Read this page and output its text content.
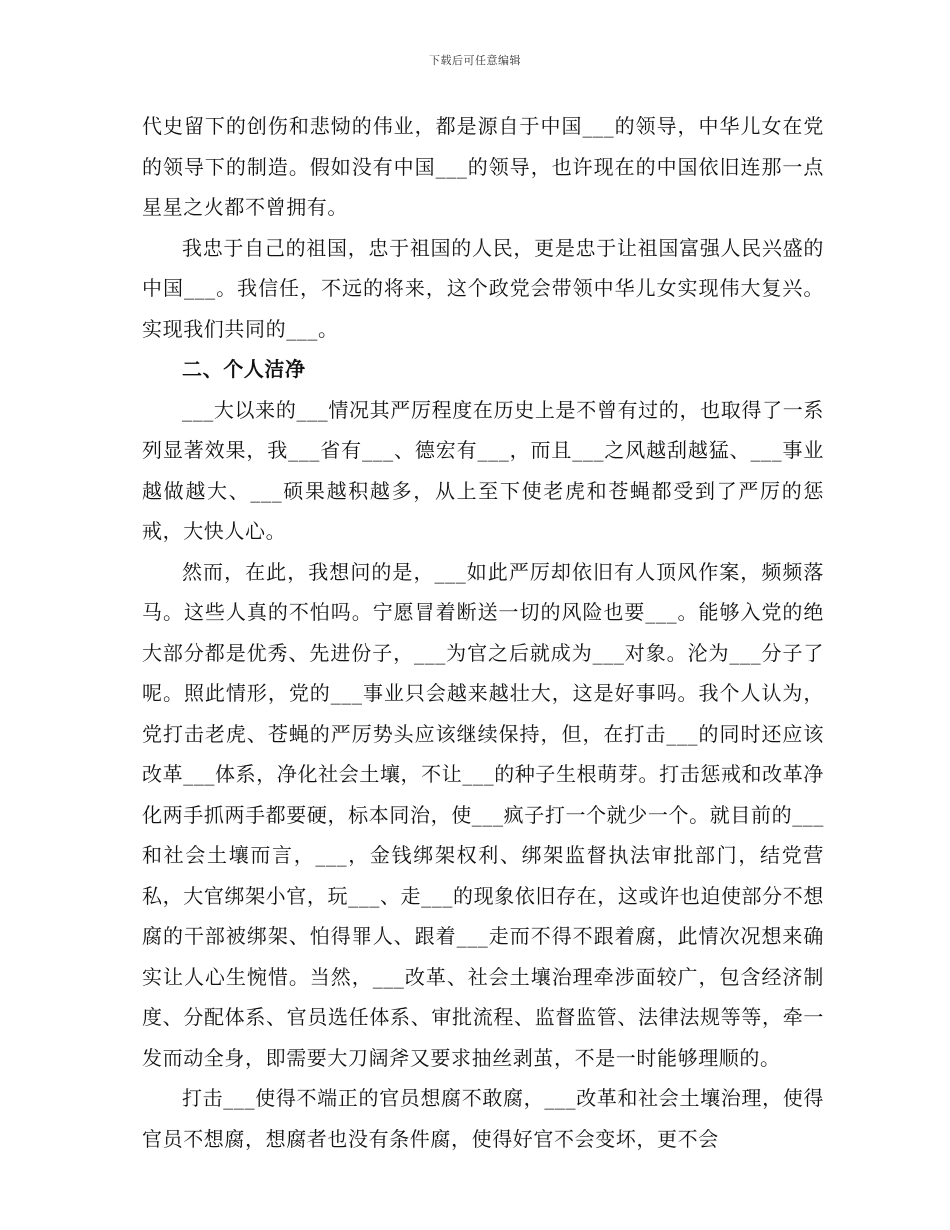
下载后可任意编辑

代史留下的创伤和悲恸的伟业，都是源自于中国___的领导，中华儿女在党的领导下的制造。假如没有中国___的领导，也许现在的中国依旧连那一点星星之火都不曾拥有。

我忠于自己的祖国，忠于祖国的人民，更是忠于让祖国富强人民兴盛的中国___。我信任，不远的将来，这个政党会带领中华儿女实现伟大复兴。实现我们共同的___。

二、个人洁净

___大以来的___情况其严厉程度在历史上是不曾有过的，也取得了一系列显著效果，我___省有___、德宏有___，而且___之风越刮越猛、___事业越做越大、___硕果越积越多，从上至下使老虎和苍蝇都受到了严厉的惩戒，大快人心。

然而，在此，我想问的是，___如此严厉却依旧有人顶风作案，频频落马。这些人真的不怕吗。宁愿冒着断送一切的风险也要___。能够入党的绝大部分都是优秀、先进份子，___为官之后就成为___对象。沦为___分子了呢。照此情形，党的___事业只会越来越壮大，这是好事吗。我个人认为，党打击老虎、苍蝇的严厉势头应该继续保持，但，在打击___的同时还应该改革___体系，净化社会土壤，不让___的种子生根萌芽。打击惩戒和改革净化两手抓两手都要硬，标本同治，使___疯子打一个就少一个。就目前的___和社会土壤而言，___，金钱绑架权利、绑架监督执法审批部门，结党营私，大官绑架小官，玩___、走___的现象依旧存在，这或许也迫使部分不想腐的干部被绑架、怕得罪人、跟着___走而不得不跟着腐，此情次况想来确实让人心生惋惜。当然，___改革、社会土壤治理牵涉面较广，包含经济制度、分配体系、官员选任体系、审批流程、监督监管、法律法规等等，牵一发而动全身，即需要大刀阔斧又要求抽丝剥茧，不是一时能够理顺的。

打击___使得不端正的官员想腐不敢腐，___改革和社会土壤治理，使得官员不想腐，想腐者也没有条件腐，使得好官不会变坏，更不会
